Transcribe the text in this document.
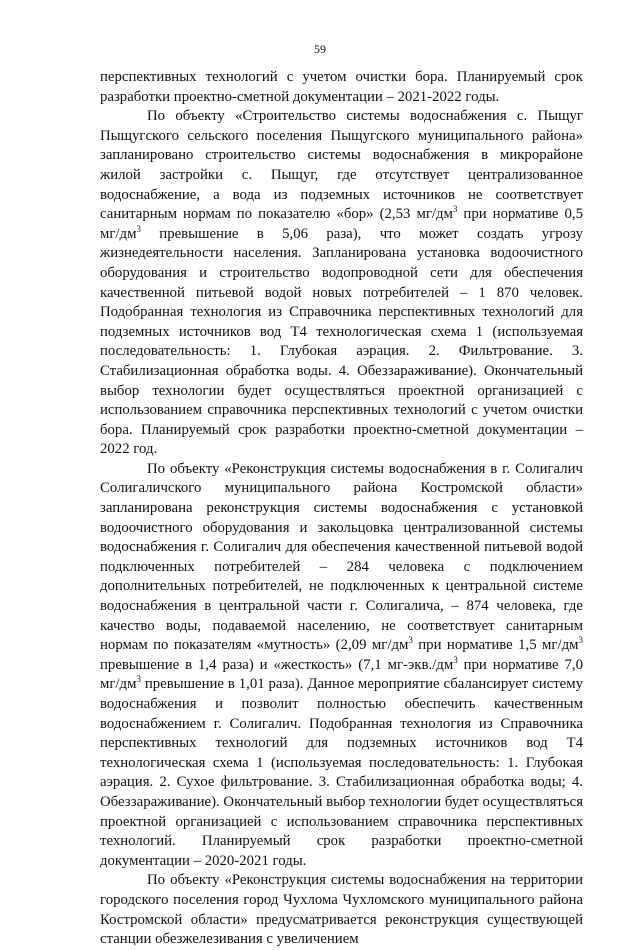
59

перспективных технологий с учетом очистки бора. Планируемый срок разработки проектно-сметной документации – 2021-2022 годы.

По объекту «Строительство системы водоснабжения с. Пыщуг Пыщугского сельского поселения Пыщугского муниципального района» запланировано строительство системы водоснабжения в микрорайоне жилой застройки с. Пыщуг, где отсутствует централизованное водоснабжение, а вода из подземных источников не соответствует санитарным нормам по показателю «бор» (2,53 $мг/дм^3$ при нормативе 0,5 $мг/дм^3$ превышение в 5,06 раза), что может создать угрозу жизнедеятельности населения. Запланирована установка водоочистного оборудования и строительство водопроводной сети для обеспечения качественной питьевой водой новых потребителей – 1 870 человек. Подобранная технология из Справочника перспективных технологий для подземных источников вод Т4 технологическая схема 1 (используемая последовательность: 1. Глубокая аэрация. 2. Фильтрование. 3. Стабилизационная обработка воды. 4. Обеззараживание). Окончательный выбор технологии будет осуществляться проектной организацией с использованием справочника перспективных технологий с учетом очистки бора. Планируемый срок разработки проектно-сметной документации – 2022 год.

По объекту «Реконструкция системы водоснабжения в г. Солигалич Солигаличского муниципального района Костромской области» запланирована реконструкция системы водоснабжения с установкой водоочистного оборудования и закольцовка централизованной системы водоснабжения г. Солигалич для обеспечения качественной питьевой водой подключенных потребителей – 284 человека с подключением дополнительных потребителей, не подключенных к центральной системе водоснабжения в центральной части г. Солигалича, – 874 человека, где качество воды, подаваемой населению, не соответствует санитарным нормам по показателям «мутность» (2,09 $мг/дм^3$ при нормативе 1,5 $мг/дм^3$ превышение в 1,4 раза) и «жесткость» (7,1 $мг-экв./дм^3$ при нормативе 7,0 $мг/дм^3$ превышение в 1,01 раза). Данное мероприятие сбалансирует систему водоснабжения и позволит полностью обеспечить качественным водоснабжением г. Солигалич. Подобранная технология из Справочника перспективных технологий для подземных источников вод Т4 технологическая схема 1 (используемая последовательность: 1. Глубокая аэрация. 2. Сухое фильтрование. 3. Стабилизационная обработка воды; 4. Обеззараживание). Окончательный выбор технологии будет осуществляться проектной организацией с использованием справочника перспективных технологий. Планируемый срок разработки проектно-сметной документации – 2020-2021 годы.

По объекту «Реконструкция системы водоснабжения на территории городского поселения город Чухлома Чухломского муниципального района Костромской области» предусматривается реконструкция существующей станции обезжелезивания с увеличением
